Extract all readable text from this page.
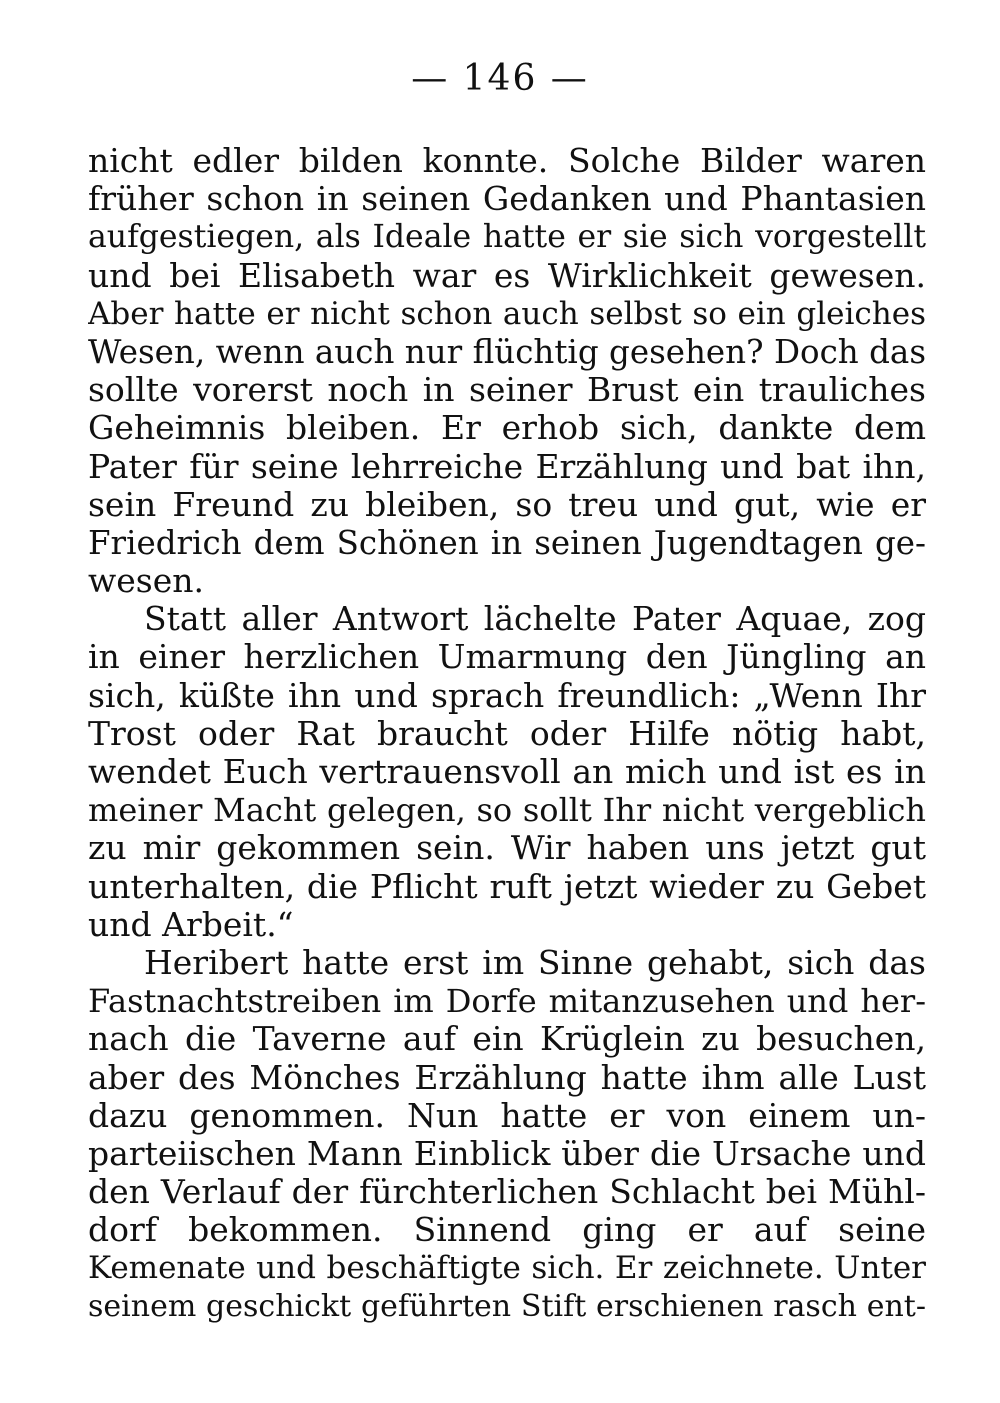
— 146 —
nicht edler bilden konnte. Solche Bilder waren
früher schon in seinen Gedanken und Phantasien
aufgestiegen, als Ideale hatte er sie sich vorgestellt
und bei Elisabeth war es Wirklichkeit gewesen.
Aber hatte er nicht schon auch selbst so ein gleiches
Wesen, wenn auch nur flüchtig gesehen? Doch das
sollte vorerst noch in seiner Brust ein trauliches
Geheimnis bleiben. Er erhob sich, dankte dem
Pater für seine lehrreiche Erzählung und bat ihn,
sein Freund zu bleiben, so treu und gut, wie er
Friedrich dem Schönen in seinen Jugendtagen ge-
wesen.
Statt aller Antwort lächelte Pater Aquae, zog
in einer herzlichen Umarmung den Jüngling an
sich, küßte ihn und sprach freundlich: „Wenn Ihr
Trost oder Rat braucht oder Hilfe nötig habt,
wendet Euch vertrauensvoll an mich und ist es in
meiner Macht gelegen, so sollt Ihr nicht vergeblich
zu mir gekommen sein. Wir haben uns jetzt gut
unterhalten, die Pflicht ruft jetzt wieder zu Gebet
und Arbeit.“
Heribert hatte erst im Sinne gehabt, sich das
Fastnachtstreiben im Dorfe mitanzusehen und her-
nach die Taverne auf ein Krüglein zu besuchen,
aber des Mönches Erzählung hatte ihm alle Lust
dazu genommen. Nun hatte er von einem un-
parteiischen Mann Einblick über die Ursache und
den Verlauf der fürchterlichen Schlacht bei Mühl-
dorf bekommen. Sinnend ging er auf seine
Kemenate und beschäftigte sich. Er zeichnete. Unter
seinem geschickt geführten Stift erschienen rasch ent-
